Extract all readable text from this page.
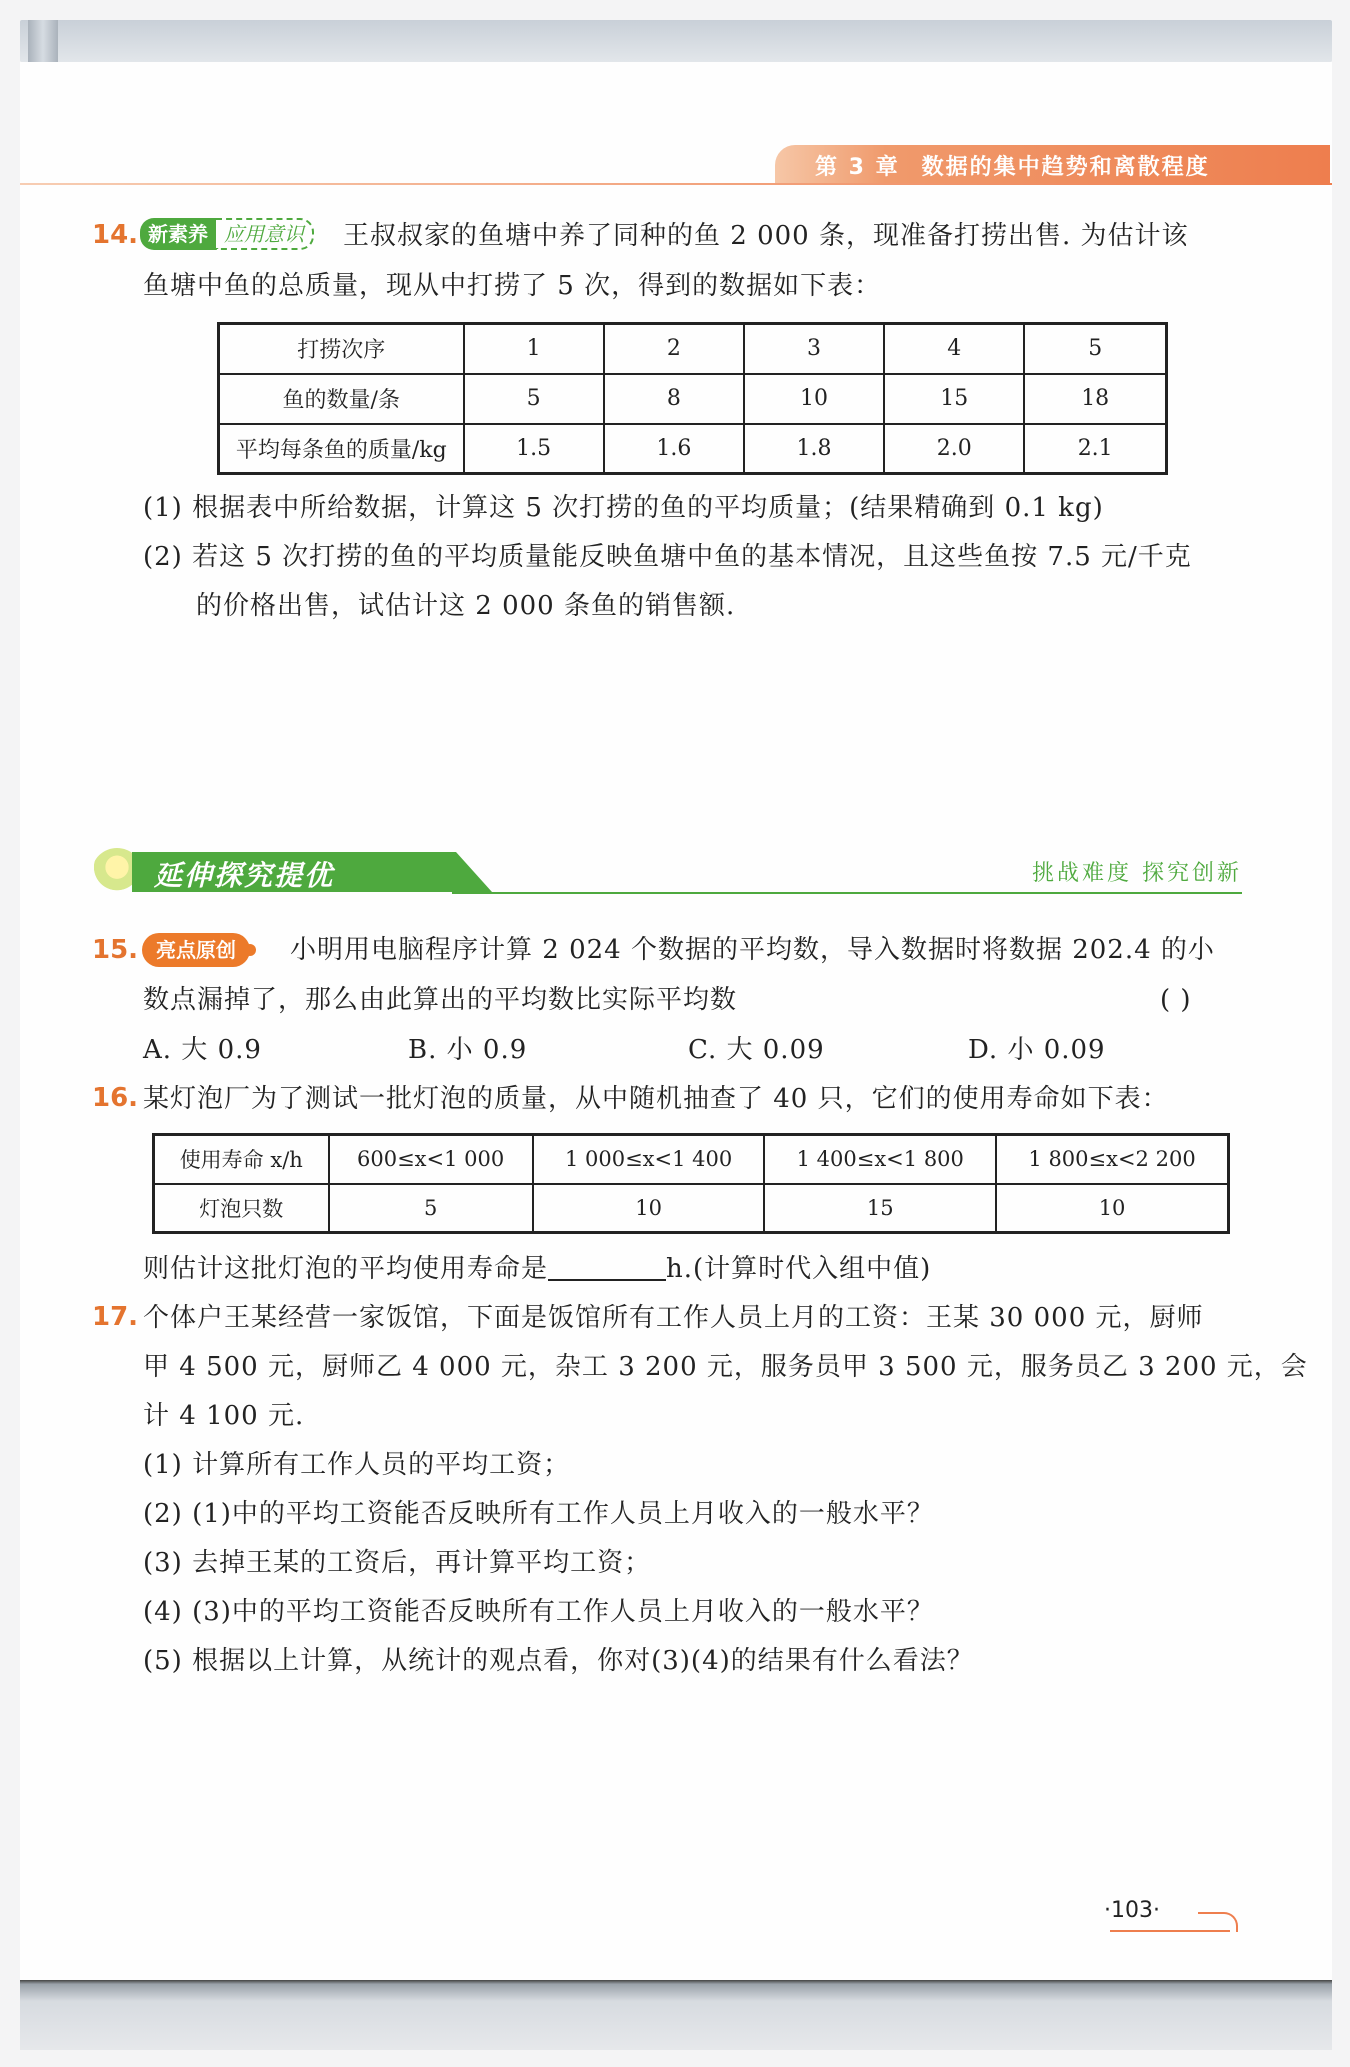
第 3 章 数据的集中趋势和离散程度
14. 新素养 应用意识	王叔叔家的鱼塘中养了同种的鱼 2 000 条，现准备打捞出售. 为估计该
鱼塘中鱼的总质量，现从中打捞了 5 次，得到的数据如下表：
打捞次序	1	2	3	4	5
鱼的数量/条	5	8	10	15	18
平均每条鱼的质量/kg	1.5	1.6	1.8	2.0	2.1
(1) 根据表中所给数据，计算这 5 次打捞的鱼的平均质量；(结果精确到 0.1 kg)
(2) 若这 5 次打捞的鱼的平均质量能反映鱼塘中鱼的基本情况，且这些鱼按 7.5 元/千克
的价格出售，试估计这 2 000 条鱼的销售额.
延伸探究提优	挑战难度 探究创新
15. 亮点原创	小明用电脑程序计算 2 024 个数据的平均数，导入数据时将数据 202.4 的小
数点漏掉了，那么由此算出的平均数比实际平均数	( )
A. 大 0.9	B. 小 0.9	C. 大 0.09	D. 小 0.09
16. 某灯泡厂为了测试一批灯泡的质量，从中随机抽查了 40 只，它们的使用寿命如下表：
使用寿命 x/h	600≤x<1 000	1 000≤x<1 400	1 400≤x<1 800	1 800≤x<2 200
灯泡只数	5	10	15	10
则估计这批灯泡的平均使用寿命是	h.(计算时代入组中值)
17. 个体户王某经营一家饭馆，下面是饭馆所有工作人员上月的工资：王某 30 000 元，厨师
甲 4 500 元，厨师乙 4 000 元，杂工 3 200 元，服务员甲 3 500 元，服务员乙 3 200 元，会
计 4 100 元.
(1) 计算所有工作人员的平均工资；
(2) (1)中的平均工资能否反映所有工作人员上月收入的一般水平？
(3) 去掉王某的工资后，再计算平均工资；
(4) (3)中的平均工资能否反映所有工作人员上月收入的一般水平？
(5) 根据以上计算，从统计的观点看，你对(3)(4)的结果有什么看法？
·103·
